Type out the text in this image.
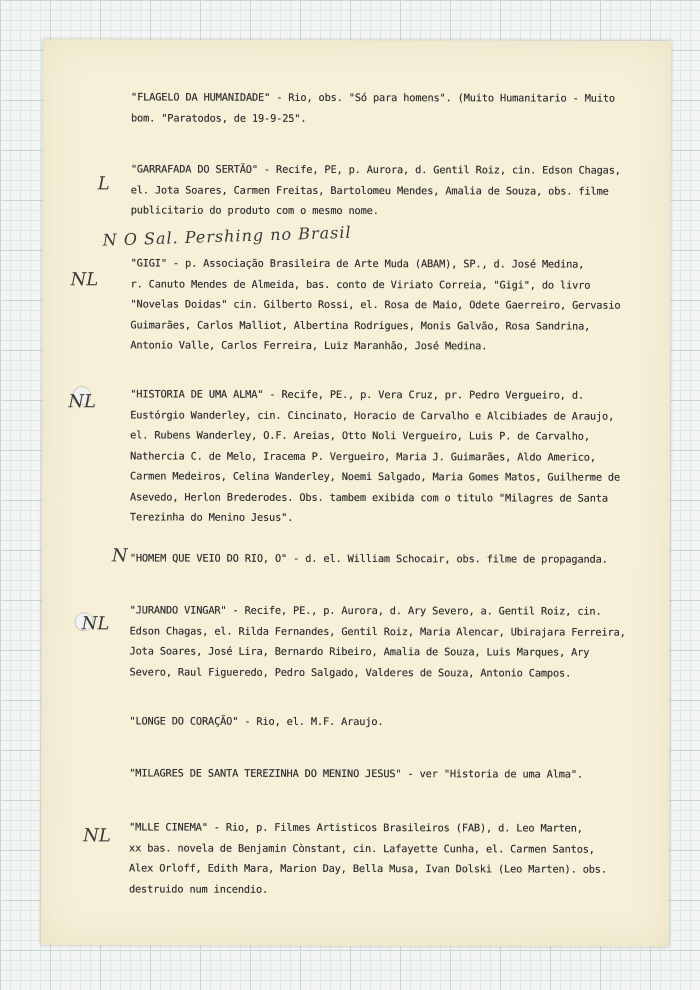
"FLAGELO DA HUMANIDADE" - Rio, obs. "Só para homens". (Muito Humanitario - Muito
bom. "Paratodos, de 19-9-25".
"GARRAFADA DO SERTÃO" - Recife, PE, p. Aurora, d. Gentil Roiz, cin. Edson Chagas,
el. Jota Soares, Carmen Freitas, Bartolomeu Mendes, Amalia de Souza, obs. filme
publicitario do produto com o mesmo nome.
"GIGI" - p. Associação Brasileira de Arte Muda (ABAM), SP., d. José Medina,
r. Canuto Mendes de Almeida, bas. conto de Viriato Correia, "Gigi", do livro
"Novelas Doidas" cin. Gilberto Rossi, el. Rosa de Maio, Odete Gaerreiro, Gervasio
Guimarães, Carlos Malliot, Albertina Rodrigues, Monis Galvão, Rosa Sandrina,
Antonio Valle, Carlos Ferreira, Luiz Maranhão, José Medina.
"HISTORIA DE UMA ALMA" - Recife, PE., p. Vera Cruz, pr. Pedro Vergueiro, d.
Eustórgio Wanderley, cin. Cincinato, Horacio de Carvalho e Alcibiades de Araujo,
el. Rubens Wanderley, O.F. Areias, Otto Noli Vergueiro, Luis P. de Carvalho,
Nathercia C. de Melo, Iracema P. Vergueiro, Maria J. Guimarães, Aldo Americo,
Carmen Medeiros, Celina Wanderley, Noemi Salgado, Maria Gomes Matos, Guilherme de
Asevedo, Herlon Brederodes. Obs. tambem exibida com o titulo "Milagres de Santa
Terezinha do Menino Jesus".
"HOMEM QUE VEIO DO RIO, O" - d. el. William Schocair, obs. filme de propaganda.
"JURANDO VINGAR" - Recife, PE., p. Aurora, d. Ary Severo, a. Gentil Roiz, cin.
Edson Chagas, el. Rilda Fernandes, Gentil Roiz, Maria Alencar, Ubirajara Ferreira,
Jota Soares, José Lira, Bernardo Ribeiro, Amalia de Souza, Luis Marques, Ary
Severo, Raul Figueredo, Pedro Salgado, Valderes de Souza, Antonio Campos.
"LONGE DO CORAÇÃO" - Rio, el. M.F. Araujo.
"MILAGRES DE SANTA TEREZINHA DO MENINO JESUS" - ver "Historia de uma Alma".
"MLLE CINEMA" - Rio, p. Filmes Artisticos Brasileiros (FAB), d. Leo Marten,
xx bas. novela de Benjamin Cònstant, cin. Lafayette Cunha, el. Carmen Santos,
Alex Orloff, Edith Mara, Marion Day, Bella Musa, Ivan Dolski (Leo Marten). obs.
destruido num incendio.
L
N O Sal. Pershing no Brasil
NL
NL
N
NL
NL
